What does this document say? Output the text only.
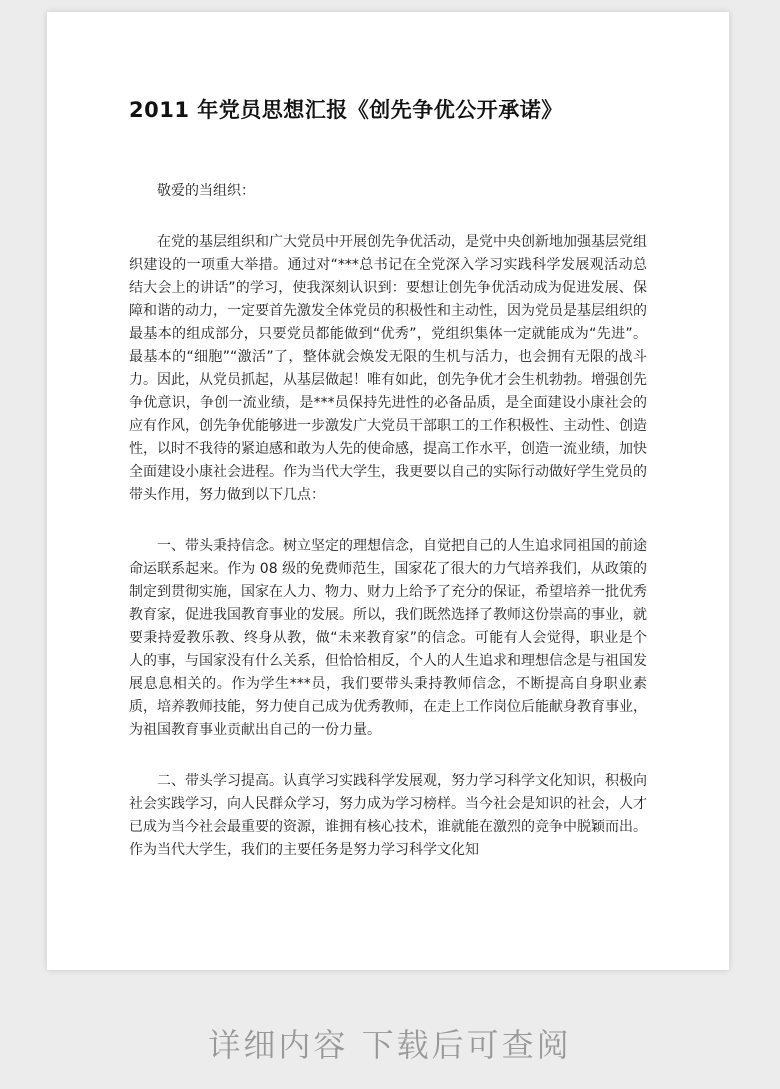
2011 年党员思想汇报《创先争优公开承诺》

敬爱的当组织：

在党的基层组织和广大党员中开展创先争优活动，是党中央创新地加强基层党组织建设的一项重大举措。通过对“***总书记在全党深入学习实践科学发展观活动总结大会上的讲话”的学习，使我深刻认识到：要想让创先争优活动成为促进发展、保障和谐的动力，一定要首先激发全体党员的积极性和主动性，因为党员是基层组织的最基本的组成部分，只要党员都能做到“优秀”，党组织集体一定就能成为“先进”。最基本的“细胞”“激活”了，整体就会焕发无限的生机与活力，也会拥有无限的战斗力。因此，从党员抓起，从基层做起！唯有如此，创先争优才会生机勃勃。增强创先争优意识，争创一流业绩，是***员保持先进性的必备品质，是全面建设小康社会的应有作风，创先争优能够进一步激发广大党员干部职工的工作积极性、主动性、创造性，以时不我待的紧迫感和敢为人先的使命感，提高工作水平，创造一流业绩，加快全面建设小康社会进程。作为当代大学生，我更要以自己的实际行动做好学生党员的带头作用，努力做到以下几点：

一、带头秉持信念。树立坚定的理想信念，自觉把自己的人生追求同祖国的前途命运联系起来。作为 08 级的免费师范生，国家花了很大的力气培养我们，从政策的制定到贯彻实施，国家在人力、物力、财力上给予了充分的保证，希望培养一批优秀教育家，促进我国教育事业的发展。所以，我们既然选择了教师这份崇高的事业，就要秉持爱教乐教、终身从教，做“未来教育家”的信念。可能有人会觉得，职业是个人的事，与国家没有什么关系，但恰恰相反，个人的人生追求和理想信念是与祖国发展息息相关的。作为学生***员，我们要带头秉持教师信念，不断提高自身职业素质，培养教师技能，努力使自己成为优秀教师，在走上工作岗位后能献身教育事业，为祖国教育事业贡献出自己的一份力量。

二、带头学习提高。认真学习实践科学发展观，努力学习科学文化知识，积极向社会实践学习，向人民群众学习，努力成为学习榜样。当今社会是知识的社会，人才已成为当今社会最重要的资源，谁拥有核心技术，谁就能在激烈的竞争中脱颖而出。作为当代大学生，我们的主要任务是努力学习科学文化知

详细内容 下载后可查阅
